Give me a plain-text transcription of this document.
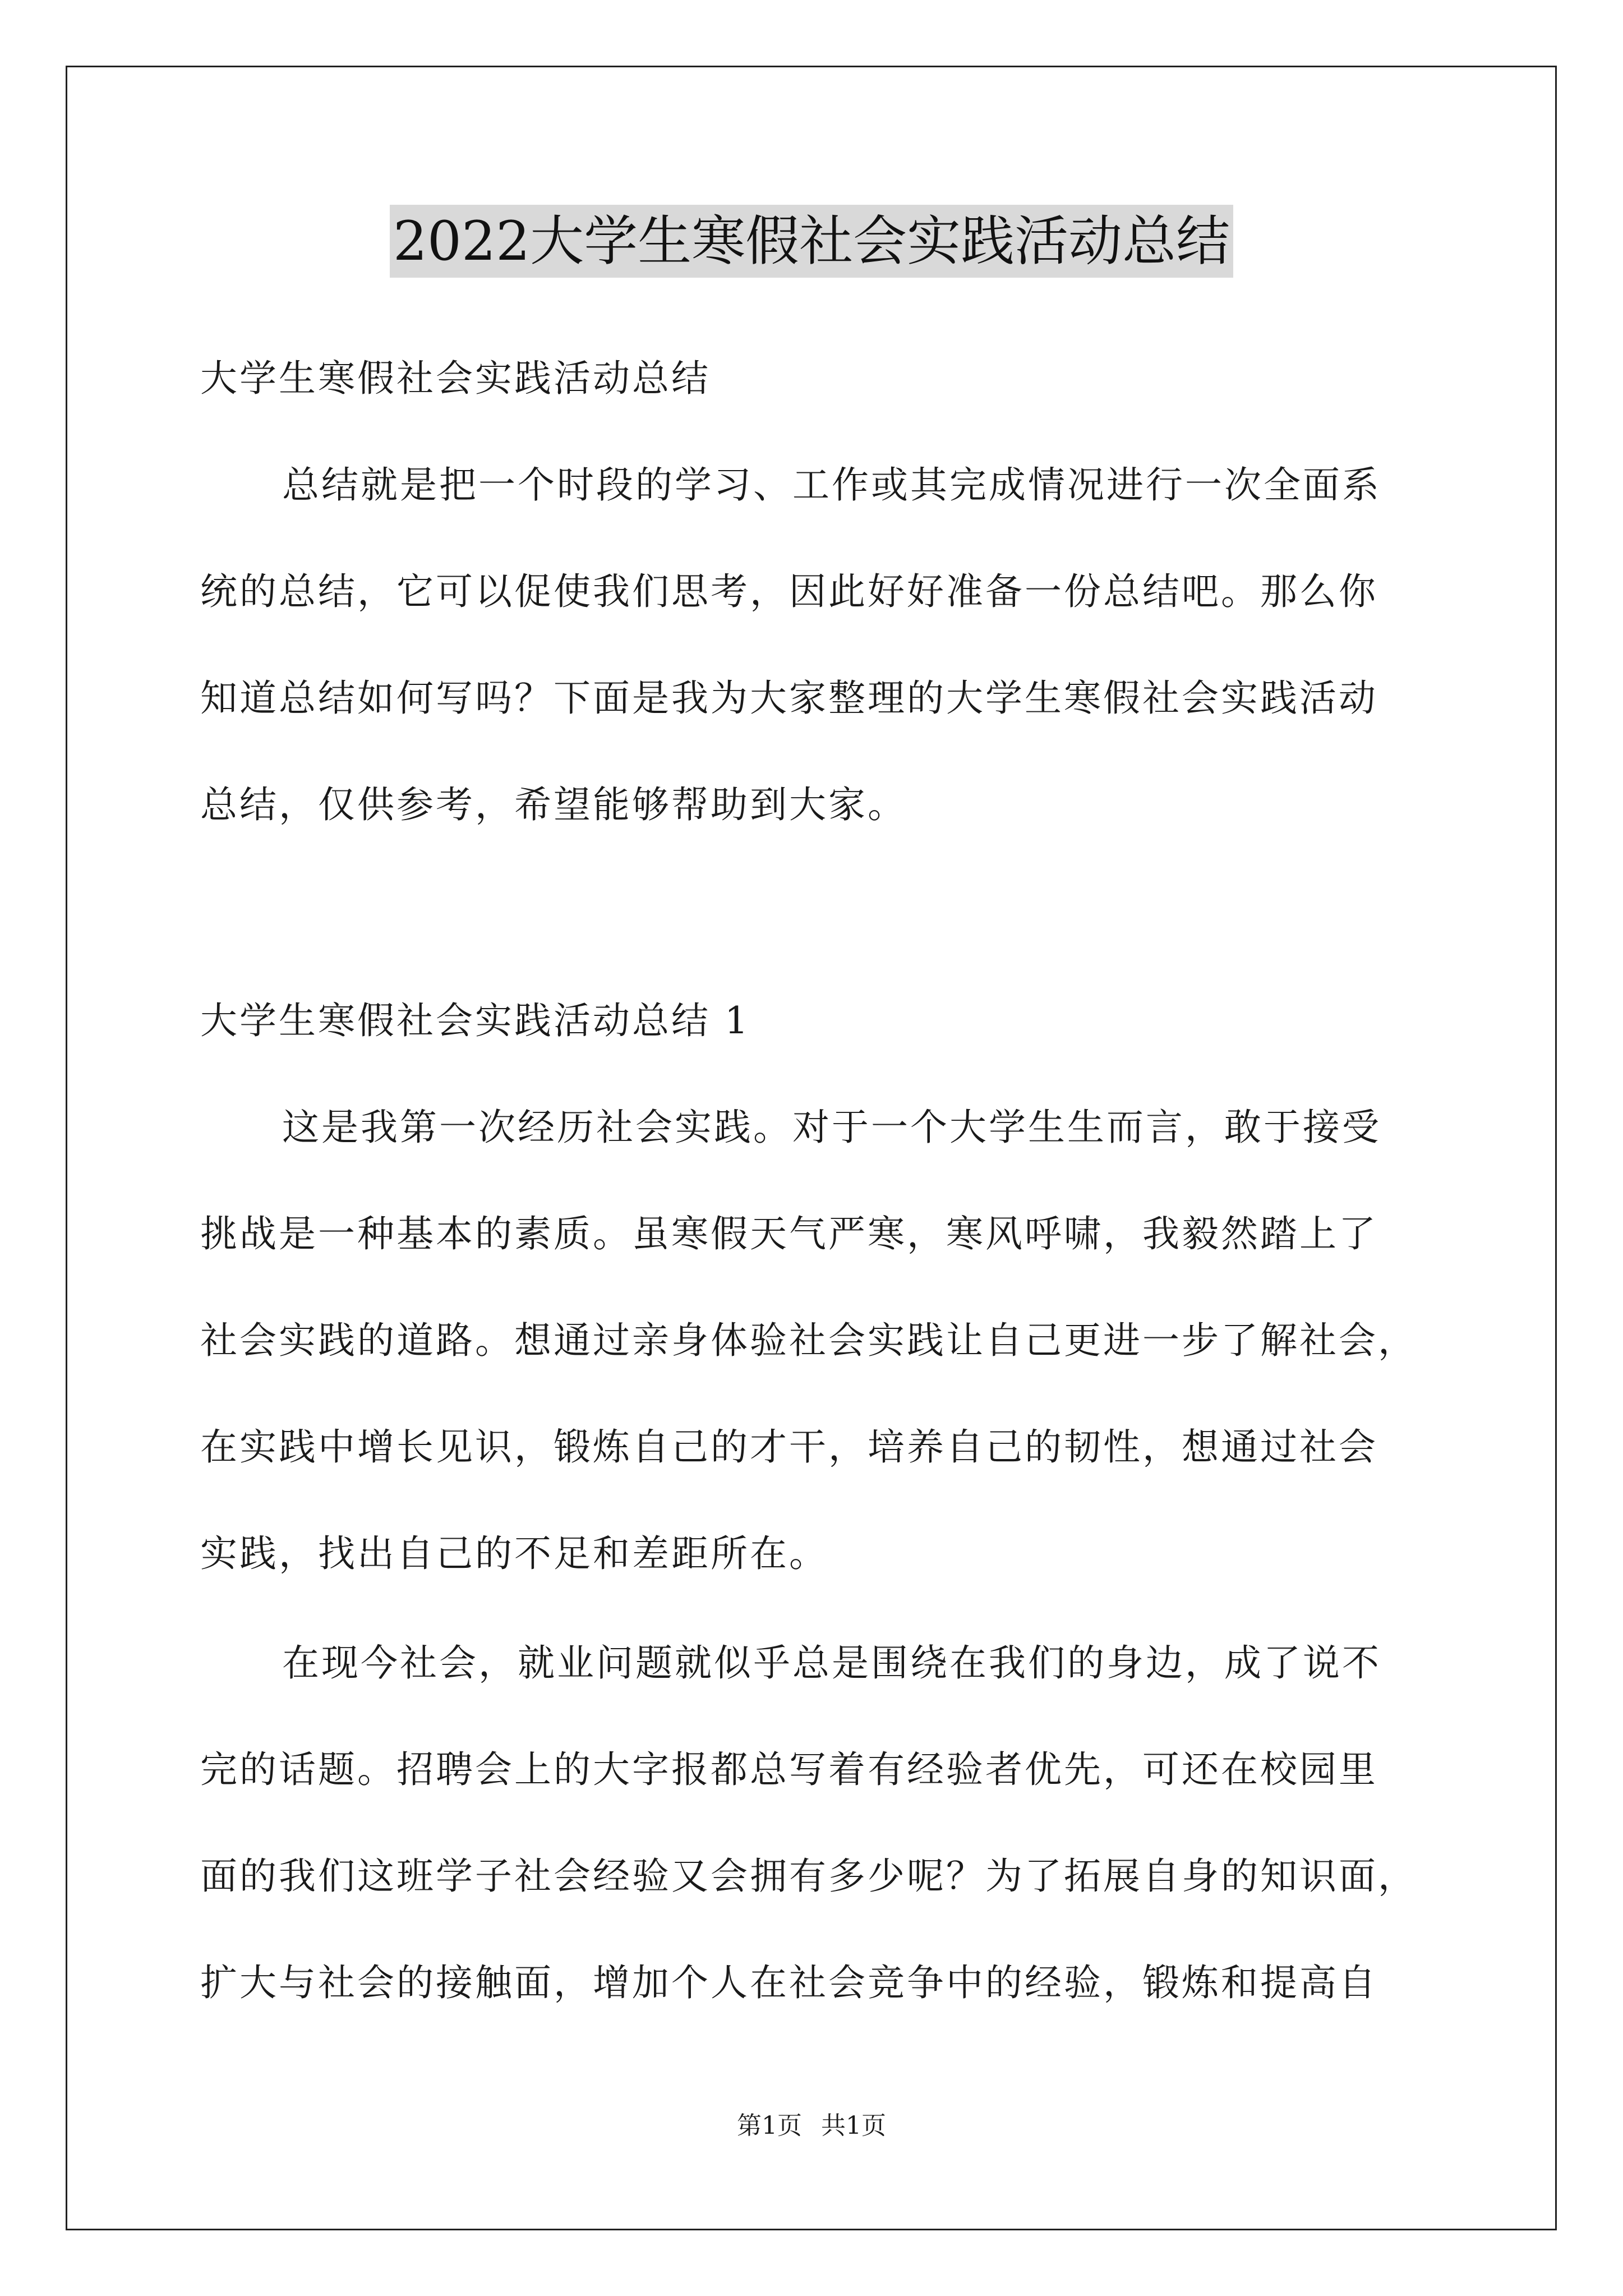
2022大学生寒假社会实践活动总结
大学生寒假社会实践活动总结
总结就是把一个时段的学习、工作或其完成情况进行一次全面系
统的总结，它可以促使我们思考，因此好好准备一份总结吧。那么你
知道总结如何写吗？下面是我为大家整理的大学生寒假社会实践活动
总结，仅供参考，希望能够帮助到大家。
大学生寒假社会实践活动总结 1
这是我第一次经历社会实践。对于一个大学生生而言，敢于接受
挑战是一种基本的素质。虽寒假天气严寒，寒风呼啸，我毅然踏上了
社会实践的道路。想通过亲身体验社会实践让自己更进一步了解社会，
在实践中增长见识，锻炼自己的才干，培养自己的韧性，想通过社会
实践，找出自己的不足和差距所在。
在现今社会，就业问题就似乎总是围绕在我们的身边，成了说不
完的话题。招聘会上的大字报都总写着有经验者优先，可还在校园里
面的我们这班学子社会经验又会拥有多少呢？为了拓展自身的知识面，
扩大与社会的接触面，增加个人在社会竞争中的经验，锻炼和提高自
第1页 共1页
